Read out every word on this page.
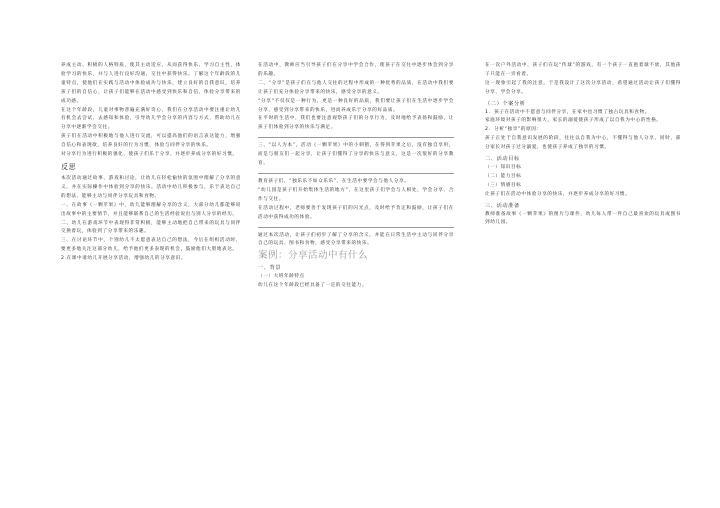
养成主动、积极的人格特质，使其主动适应，从而获得快乐、学习自主性，体验学习的快乐，并与人进行良好沟通，交往中获得快乐。了解这个年龄段的儿童特点，使他们在实践与活动中体验成功与快乐，建立良好的自我意识，培养孩子们的自信心，让孩子们能够在活动中感受到快乐和自信，体验分享带来的成功感。

在这个年龄段，儿童对事物普遍充满好奇心，我们在分享活动中要注重让幼儿有机会去尝试、去感知和体验，引导幼儿学会分享的内容与方式，帮助幼儿在分享中逐渐学会交往。

孩子们在活动中积极地与他人进行交流，可以提高他们的语言表达能力，增强自信心和表现欲，培养良好的行为习惯，体验与同伴分享的快乐。

对分享行为进行积极的强化，使孩子们乐于分享，并逐步养成分享的好习惯。

反思

本次活动通过故事、游戏和讨论，让幼儿在轻松愉快的氛围中理解了分享的意义，并在实际操作中体验到分享的快乐。活动中幼儿积极参与，乐于表达自己的想法，能够主动与同伴分享玩具和食物。

一、在故事《一颗苹果》中，幼儿能够理解分享的含义，大部分幼儿都能够说出故事中的主要情节，并且能够联系自己的生活经验说出与别人分享的经历。

二、幼儿在游戏环节中表现得非常积极，能够主动地把自己带来的玩具与同伴交换着玩，体验到了分享带来的乐趣。

三、在讨论环节中，个别幼儿不太愿意表达自己的想法，今后在组织活动时，要更多地关注这部分幼儿，给予他们更多表现的机会，鼓励他们大胆地表达。

2.在课中请幼儿开展分享活动，增强幼儿的分享意识。

在活动中，教师应当引导孩子们在分享中学会合作，使孩子在交往中逐步体会到分享的乐趣。

二、“分享”是孩子们在与他人交往的过程中形成的一种优秀的品质，在活动中我们要让孩子们充分体验分享带来的快乐，感受分享的意义。

“分享”不仅仅是一种行为，更是一种良好的品质，我们要让孩子们在生活中逐步学会分享，感受到分享带来的快乐，进而养成乐于分享的好品质。

在平时的生活中，我们也要注意观察孩子们的分享行为，及时地给予表扬和鼓励，让孩子们体验到分享的快乐与满足。

三、“以人为本”，活动《一颗苹果》中的小刺猬，在得到苹果之后，没有独自享用，而是与朋友们一起分享，让孩子们懂得了分享的快乐与意义，这是一次很好的分享教育。

教育孩子们，“独乐乐不如众乐乐”，在生活中要学会与他人分享。

“幼儿园是孩子们开始集体生活的地方”，在这里孩子们学会与人相处，学会分享、合作与交往。

在活动过程中，老师要善于发现孩子们的闪光点，及时给予肯定和鼓励，让孩子们在活动中获得成功的体验。

通过本次活动，让孩子们初步了解了分享的含义，并能在日常生活中主动与同伴分享自己的玩具、图书和食物，感受分享带来的快乐。

案例：分享活动中有什么

一、背景

（一）大班年龄特点

幼儿在这个年龄段已经具备了一定的交往能力。

在一次户外活动中，孩子们在玩“传球”的游戏，有一个孩子一直抱着球不放，其他孩子只能在一旁看着。

这一现象引起了我的注意，于是我设计了这次分享活动，希望通过活动让孩子们懂得分享，学会分享。

（二）个案分析

1. 孩子在活动中不愿意与同伴分享，在家中也习惯了独占玩具和食物。

家庭环境对孩子的影响很大，家长的溺爱使孩子形成了以自我为中心的性格。

2. 分析“独享”的原因：

孩子正处于自我意识发展的阶段，往往以自我为中心，不懂得与他人分享。同时，部分家长对孩子过分溺爱，也使孩子养成了独享的习惯。

二、活动目标

（一）知识目标

（二）能力目标

（三）情感目标

让孩子们在活动中体验分享的快乐，并逐步养成分享的好习惯。

三、活动准备

教师准备故事《一颗苹果》的图片与课件，幼儿每人带一件自己最喜欢的玩具或图书到幼儿园。
